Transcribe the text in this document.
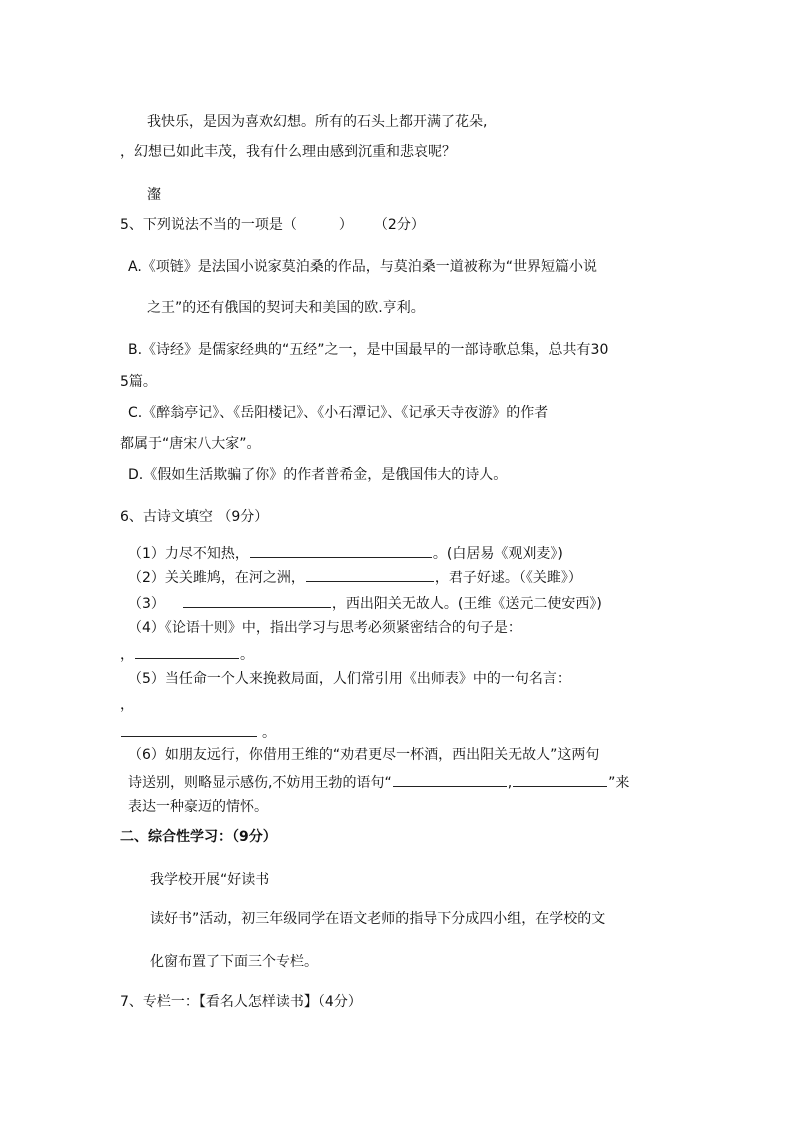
我快乐，是因为喜欢幻想。所有的石头上都开满了花朵,
，幻想已如此丰茂，我有什么理由感到沉重和悲哀呢？
瀣
5、下列说法不当的一项是（	） （2分）
A.《项链》是法国小说家莫泊桑的作品，与莫泊桑一道被称为“世界短篇小说
之王”的还有俄国的契诃夫和美国的欧.亨利。
B.《诗经》是儒家经典的“五经”之一，是中国最早的一部诗歌总集，总共有30
5篇。
C.《醉翁亭记》、《岳阳楼记》、《小石潭记》、《记承天寺夜游》的作者
都属于“唐宋八大家”。
D.《假如生活欺骗了你》的作者普希金，是俄国伟大的诗人。
6、古诗文填空 （9分）
（1）力尽不知热，	。(白居易《观刈麦》)
（2）关关雎鸠，在河之洲，	，君子好逑。（《关雎》）
（3）	，西出阳关无故人。(王维《送元二使安西》)
（4）《论语十则》中，指出学习与思考必须紧密结合的句子是：
，	。
（5）当任命一个人来挽救局面，人们常引用《出师表》中的一句名言：
，
。
（6）如朋友远行，你借用王维的“劝君更尽一杯酒，西出阳关无故人”这两句
诗送别，则略显示感伤,不妨用王勃的语句“	,	”来
表达一种豪迈的情怀。
二、综合性学习：（9分）
我学校开展“好读书
读好书”活动，初三年级同学在语文老师的指导下分成四小组，在学校的文
化窗布置了下面三个专栏。
7、专栏一：【看名人怎样读书】（4分）
